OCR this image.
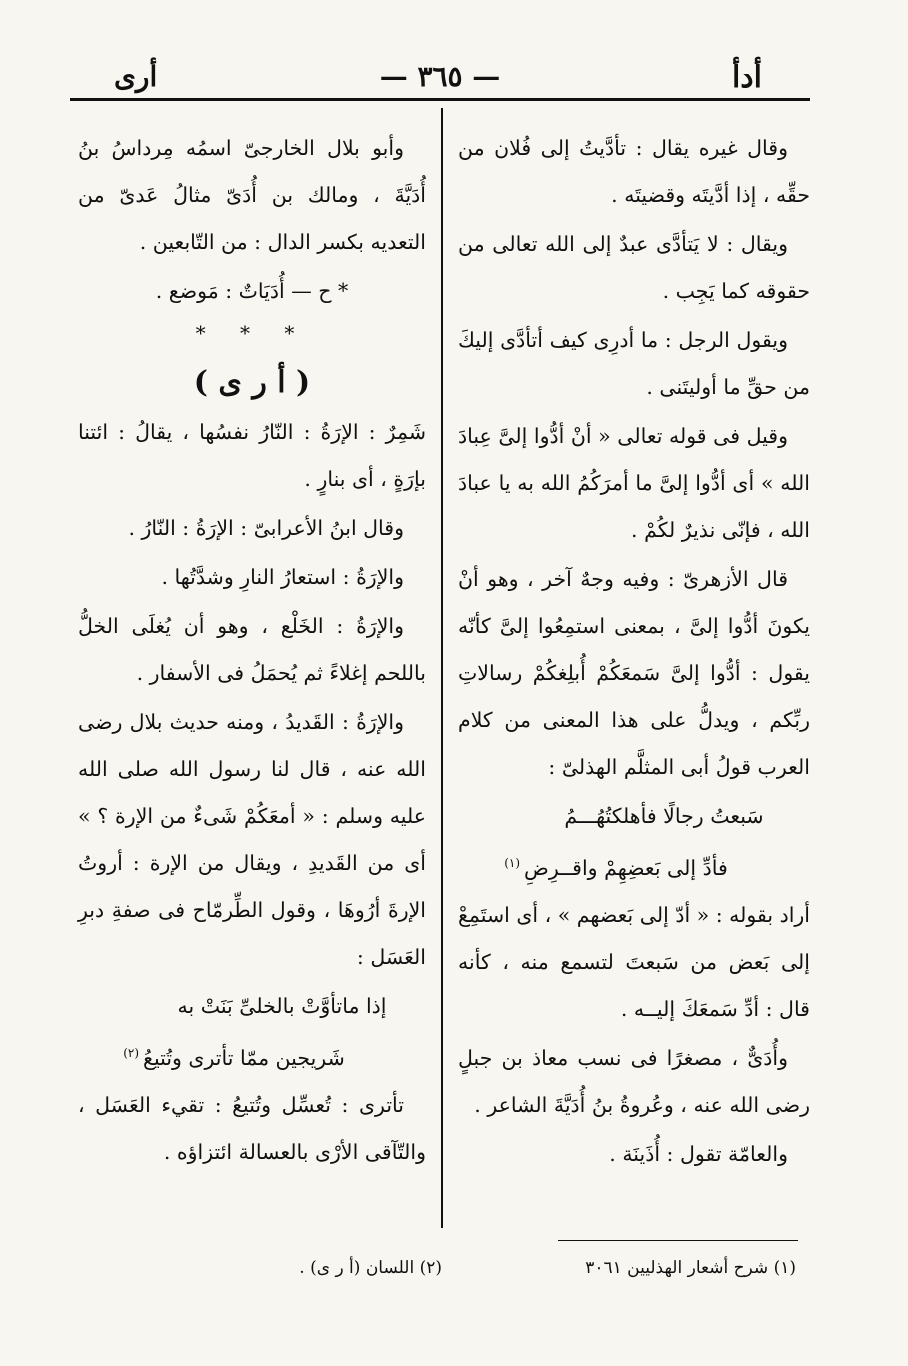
أدأ
— ٣٦٥ —
أرى

وقال غيره يقال : تأدَّيتُ إلى فُلان من حقِّه ، إذا أدَّيتَه وقضيتَه .

ويقال : لا يَتأدَّى عبدٌ إلى الله تعالى من حقوقه كما يَجِب .

ويقول الرجل : ما أدرِى كيف أتأدَّى إليكَ من حقِّ ما أوليتَنى .

وقيل فى قوله تعالى « أنْ أدُّوا إلىَّ عِبادَ الله » أى أدُّوا إلىَّ ما أمرَكُمُ الله به يا عبادَ الله ، فإنّى نذيرٌ لكُمْ .

قال الأزهرىّ : وفيه وجهٌ آخر ، وهو أنْ يكونَ أدُّوا إلىَّ ، بمعنى استمِعُوا إلىَّ كأنّه يقول : أدُّوا إلىَّ سَمعَكُمْ أُبلِغكُمْ رسالاتِ ربِّكم ، ويدلُّ على هذا المعنى من كلام العرب قولُ أبى المثلَّم الهذلىّ :

سَبعتُ رجالًا فأهلكتُهُـــمُ

فأدِّ إلى بَعضِهِمْ واقــرِضِ$^{(١)}$

أراد بقوله : « أدّ إلى بَعضهم » ، أى استَمِعْ إلى بَعض من سَبعتَ لتسمع منه ، كأنه قال : أدِّ سَمعَكَ إليــه .

وأُدَىٌّ ، مصغرًا فى نسب معاذ بن جبلٍ رضى الله عنه ، وعُروةُ بنُ أُدَيَّةَ الشاعر .

والعامّة تقول : أُذَينَة .

وأبو بلال الخارجىّ اسمُه مِرداسُ بنُ أُدَيَّةَ ، ومالك بن أُدَىّ مثالُ عَدىّ من التعديه بكسر الدال : من التّابعين .

* ح — أُدَيَاتٌ : مَوضع .

* * *
( أ ر ى )

شَمِرٌ : الإرَةُ : النّارُ نفسُها ، يقالُ : ائتنا بإرَةٍ ، أى بنارٍ .

وقال ابنُ الأعرابىّ : الإرَةُ : النّارُ .

والإرَةُ : استعارُ النارِ وشدَّتُها .

والإرَةُ : الخَلْع ، وهو أن يُغلَى الخلُّ باللحم إغلاءً ثم يُحمَلُ فى الأسفار .

والإرَةُ : القَديدُ ، ومنه حديث بلال رضى الله عنه ، قال لنا رسول الله صلى الله عليه وسلم : « أمعَكُمْ شَىءٌ من الإرة ؟ » أى من القَديدِ ، ويقال من الإرة : أروتُ الإرةَ أرُوهَا ، وقول الطِّرمّاح فى صفةِ دبرِ العَسَل :

إذا ماتأوَّتْ بالخلىِّ بَنَتْ به

شَريجين ممّا تأترى وتُتيعُ$^{(٢)}$

تأترى : تُعسِّل وتُتيعُ : تقيء العَسَل ، والتّآقى الأرْى بالعسالة ائتزاؤه .

(١) شرح أشعار الهذليين ٣٠٦١
(٢) اللسان (أ ر ى) .
